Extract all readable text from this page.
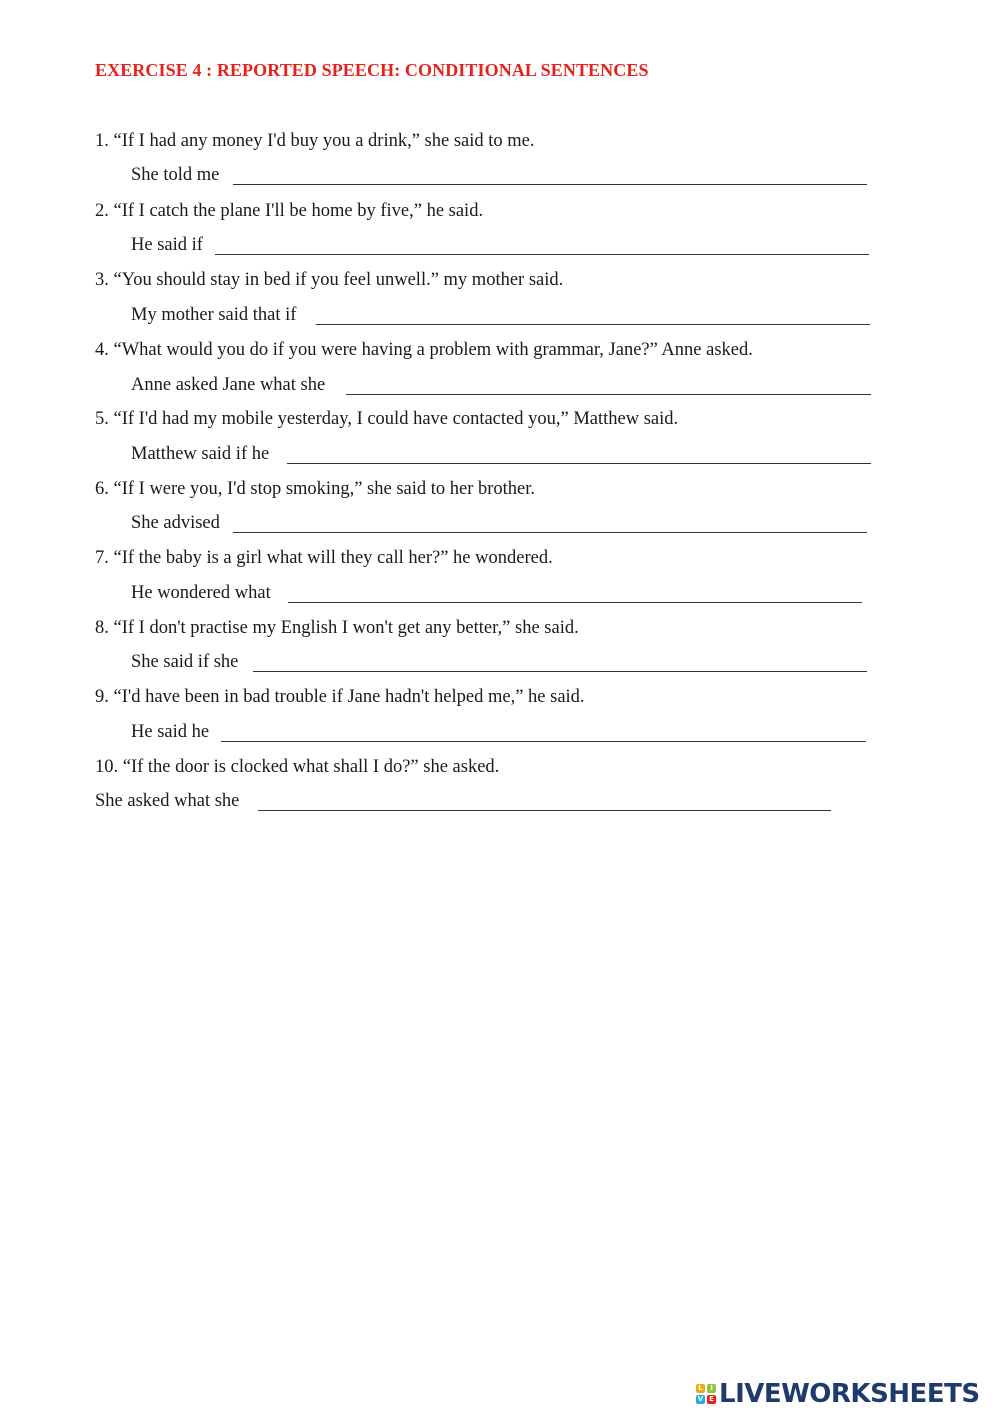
EXERCISE 4 : REPORTED SPEECH: CONDITIONAL SENTENCES
1. “If I had any money I'd buy you a drink,” she said to me.
She told me
2. “If I catch the plane I'll be home by five,” he said.
He said if
3. “You should stay in bed if you feel unwell.” my mother said.
My mother said that if
4. “What would you do if you were having a problem with grammar, Jane?” Anne asked.
Anne asked Jane what she
5. “If I'd had my mobile yesterday, I could have contacted you,” Matthew said.
Matthew said if he
6. “If I were you, I'd stop smoking,” she said to her brother.
She advised
7. “If the baby is a girl what will they call her?” he wondered.
He wondered what
8. “If I don't practise my English I won't get any better,” she said.
She said if she
9. “I'd have been in bad trouble if Jane hadn't helped me,” he said.
He said he
10. “If the door is clocked what shall I do?” she asked.
She asked what she
L	I
V E LIVEWORKSHEETS
